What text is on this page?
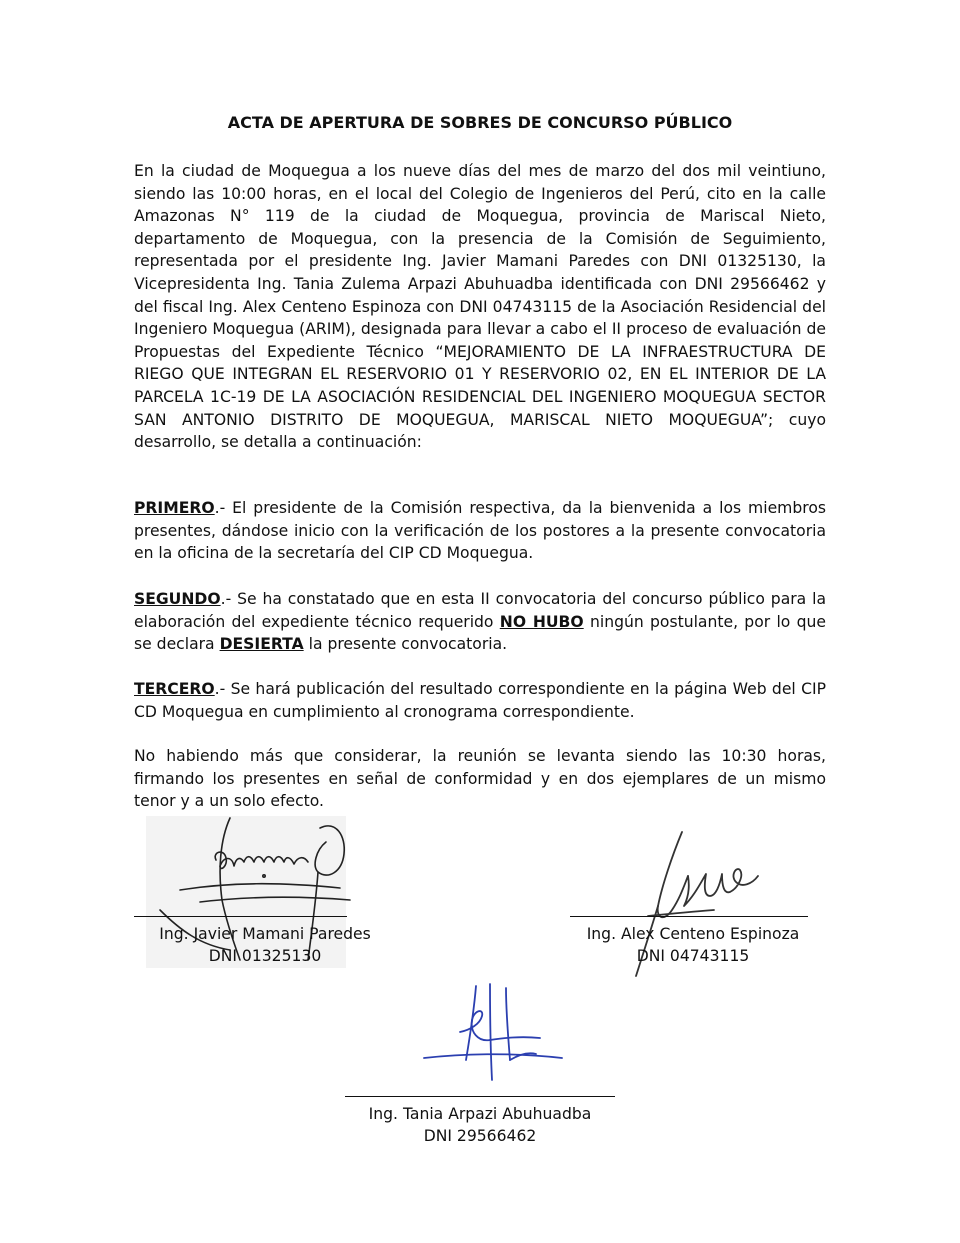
ACTA DE APERTURA DE SOBRES DE CONCURSO PÚBLICO

En la ciudad de Moquegua a los nueve días del mes de marzo del dos mil veintiuno, siendo las 10:00 horas, en el local del Colegio de Ingenieros del Perú, cito en la calle Amazonas N° 119 de la ciudad de Moquegua, provincia de Mariscal Nieto, departamento de Moquegua, con la presencia de la Comisión de Seguimiento, representada por el presidente Ing. Javier Mamani Paredes con DNI 01325130, la Vicepresidenta Ing. Tania Zulema Arpazi Abuhuadba identificada con DNI 29566462 y del fiscal Ing. Alex Centeno Espinoza con DNI 04743115 de la Asociación Residencial del Ingeniero Moquegua (ARIM), designada para llevar a cabo el II proceso de evaluación de Propuestas del Expediente Técnico “MEJORAMIENTO DE LA INFRAESTRUCTURA DE RIEGO QUE INTEGRAN EL RESERVORIO 01 Y RESERVORIO 02, EN EL INTERIOR DE LA PARCELA 1C-19 DE LA ASOCIACIÓN RESIDENCIAL DEL INGENIERO MOQUEGUA SECTOR SAN ANTONIO DISTRITO DE MOQUEGUA, MARISCAL NIETO MOQUEGUA”; cuyo desarrollo, se detalla a continuación:

PRIMERO.- El presidente de la Comisión respectiva, da la bienvenida a los miembros presentes, dándose inicio con la verificación de los postores a la presente convocatoria en la oficina de la secretaría del CIP CD Moquegua.

SEGUNDO.- Se ha constatado que en esta II convocatoria del concurso público para la elaboración del expediente técnico requerido NO HUBO ningún postulante, por lo que se declara DESIERTA la presente convocatoria.

TERCERO.- Se hará publicación del resultado correspondiente en la página Web del CIP CD Moquegua en cumplimiento al cronograma correspondiente.

No habiendo más que considerar, la reunión se levanta siendo las 10:30 horas, firmando los presentes en señal de conformidad y en dos ejemplares de un mismo tenor y a un solo efecto.

Ing. Javier Mamani Paredes
DNI 01325130
Ing. Alex Centeno Espinoza
DNI 04743115
Ing. Tania Arpazi Abuhuadba
DNI 29566462
